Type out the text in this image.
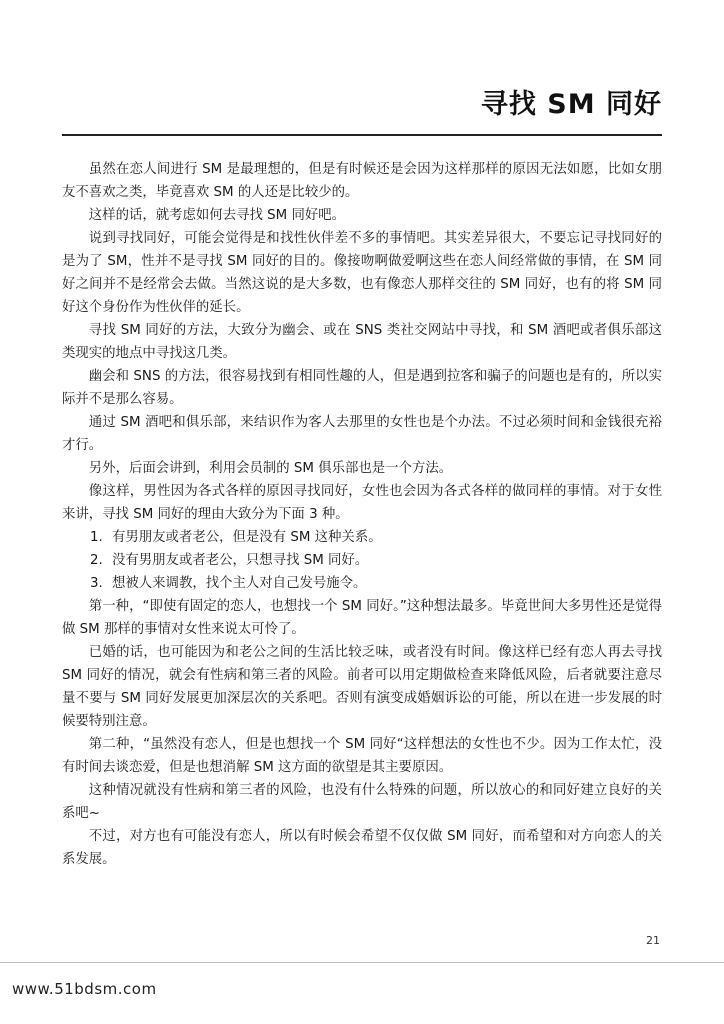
寻找 SM 同好

虽然在恋人间进行 SM 是最理想的，但是有时候还是会因为这样那样的原因无法如愿，比如女朋友不喜欢之类，毕竟喜欢 SM 的人还是比较少的。

这样的话，就考虑如何去寻找 SM 同好吧。

说到寻找同好，可能会觉得是和找性伙伴差不多的事情吧。其实差异很大，不要忘记寻找同好的是为了 SM，性并不是寻找 SM 同好的目的。像接吻啊做爱啊这些在恋人间经常做的事情，在 SM 同好之间并不是经常会去做。当然这说的是大多数，也有像恋人那样交往的 SM 同好，也有的将 SM 同好这个身份作为性伙伴的延长。

寻找 SM 同好的方法，大致分为幽会、或在 SNS 类社交网站中寻找，和 SM 酒吧或者俱乐部这类现实的地点中寻找这几类。

幽会和 SNS 的方法，很容易找到有相同性趣的人，但是遇到拉客和骗子的问题也是有的，所以实际并不是那么容易。

通过 SM 酒吧和俱乐部，来结识作为客人去那里的女性也是个办法。不过必须时间和金钱很充裕才行。

另外，后面会讲到，利用会员制的 SM 俱乐部也是一个方法。

像这样，男性因为各式各样的原因寻找同好，女性也会因为各式各样的做同样的事情。对于女性来讲，寻找 SM 同好的理由大致分为下面 3 种。

1. 有男朋友或者老公，但是没有 SM 这种关系。

2. 没有男朋友或者老公，只想寻找 SM 同好。

3. 想被人来调教，找个主人对自己发号施令。

第一种，“即使有固定的恋人，也想找一个 SM 同好。”这种想法最多。毕竟世间大多男性还是觉得做 SM 那样的事情对女性来说太可怜了。

已婚的话，也可能因为和老公之间的生活比较乏味，或者没有时间。像这样已经有恋人再去寻找 SM 同好的情况，就会有性病和第三者的风险。前者可以用定期做检查来降低风险，后者就要注意尽量不要与 SM 同好发展更加深层次的关系吧。否则有演变成婚姻诉讼的可能，所以在进一步发展的时候要特别注意。

第二种，“虽然没有恋人，但是也想找一个 SM 同好“这样想法的女性也不少。因为工作太忙，没有时间去谈恋爱，但是也想消解 SM 这方面的欲望是其主要原因。

这种情况就没有性病和第三者的风险，也没有什么特殊的问题，所以放心的和同好建立良好的关系吧~

不过，对方也有可能没有恋人，所以有时候会希望不仅仅做 SM 同好，而希望和对方向恋人的关系发展。

21
www.51bdsm.com
